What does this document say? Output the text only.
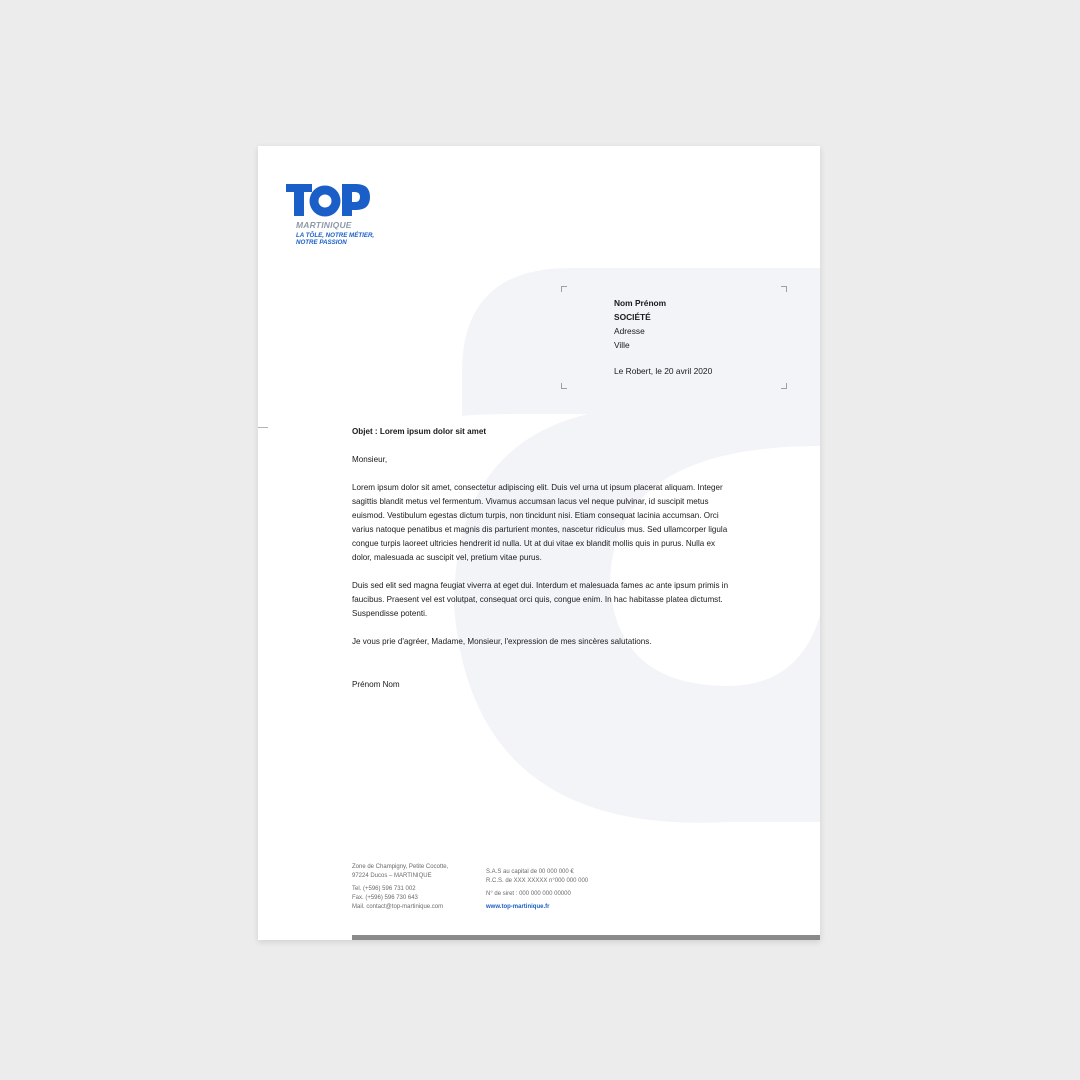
MARTINIQUE
LA TÔLE, NOTRE MÉTIER,
NOTRE PASSION
Nom Prénom
SOCIÉTÉ
Adresse
Ville
Le Robert, le 20 avril 2020

Objet : Lorem ipsum dolor sit amet

Monsieur,

Lorem ipsum dolor sit amet, consectetur adipiscing elit. Duis vel urna ut ipsum placerat aliquam. Integer sagittis blandit metus vel fermentum. Vivamus accumsan lacus vel neque pulvinar, id suscipit metus euismod. Vestibulum egestas dictum turpis, non tincidunt nisi. Etiam consequat lacinia accumsan. Orci varius natoque penatibus et magnis dis parturient montes, nascetur ridiculus mus. Sed ullamcorper ligula congue turpis laoreet ultricies hendrerit id nulla. Ut at dui vitae ex blandit mollis quis in purus. Nulla ex dolor, malesuada ac suscipit vel, pretium vitae purus.

Duis sed elit sed magna feugiat viverra at eget dui. Interdum et malesuada fames ac ante ipsum primis in faucibus. Praesent vel est volutpat, consequat orci quis, congue enim. In hac habitasse platea dictumst. Suspendisse potenti.

Je vous prie d'agréer, Madame, Monsieur, l'expression de mes sincères salutations.

Prénom Nom

Zone de Champigny, Petite Cocotte,
97224 Ducos – MARTINIQUE
Tel. (+596) 596 731 002
Fax. (+596) 596 730 643
Mail. contact@top-martinique.com
S.A.S au capital de 00 000 000 €
R.C.S. de XXX XXXXX n°000 000 000
N° de siret : 000 000 000 00000
www.top-martinique.fr
